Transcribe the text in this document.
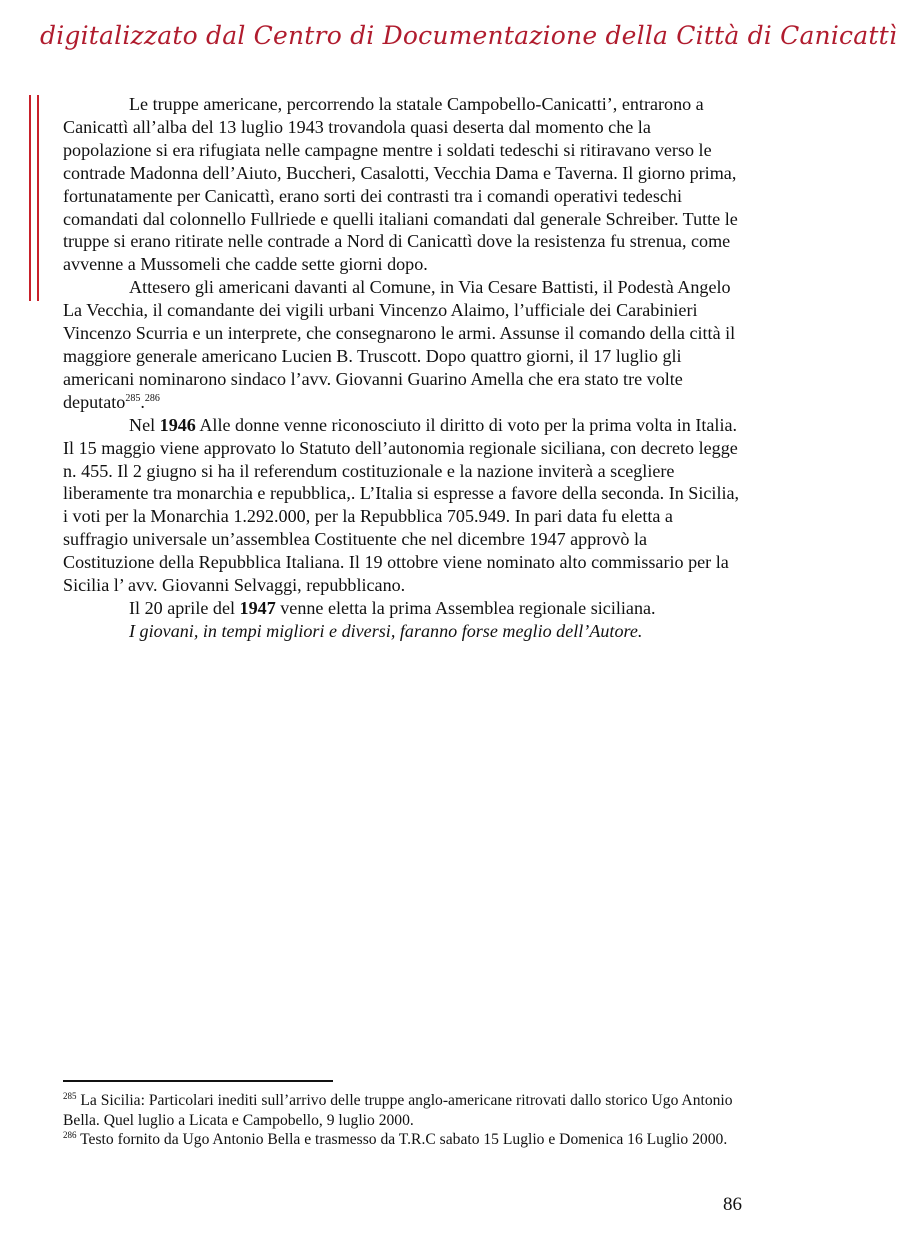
digitalizzato dal Centro di Documentazione della Città di Canicattì

Le truppe americane, percorrendo la statale Campobello-Canicatti’, entrarono a Canicattì all’alba del 13 luglio 1943 trovandola quasi deserta dal momento che la popolazione si era rifugiata nelle campagne mentre i soldati tedeschi si ritiravano verso le contrade Madonna dell’Aiuto, Buccheri, Casalotti, Vecchia Dama e Taverna. Il giorno prima, fortunatamente per Canicattì, erano sorti dei contrasti tra i comandi operativi tedeschi comandati dal colonnello Fullriede e quelli italiani comandati dal generale Schreiber. Tutte le truppe si erano ritirate nelle contrade a Nord di Canicattì dove la resistenza fu strenua, come avvenne a Mussomeli che cadde sette giorni dopo.

Attesero gli americani davanti al Comune, in Via Cesare Battisti, il Podestà Angelo La Vecchia, il comandante dei vigili urbani Vincenzo Alaimo, l’ufficiale dei Carabinieri Vincenzo Scurria e un interprete, che consegnarono le armi. Assunse il comando della città il maggiore generale americano Lucien B. Truscott. Dopo quattro giorni, il 17 luglio gli americani nominarono sindaco l’avv. Giovanni Guarino Amella che era stato tre volte deputato$^{285}$.$^{286}$

Nel 1946 Alle donne venne riconosciuto il diritto di voto per la prima volta in Italia. Il 15 maggio viene approvato lo Statuto dell’autonomia regionale siciliana, con decreto legge n. 455. Il 2 giugno si ha il referendum costituzionale e la nazione inviterà a scegliere liberamente tra monarchia e repubblica,. L’Italia si espresse a favore della seconda. In Sicilia, i voti per la Monarchia 1.292.000, per la Repubblica 705.949. In pari data fu eletta a suffragio universale un’assemblea Costituente che nel dicembre 1947 approvò la Costituzione della Repubblica Italiana. Il 19 ottobre viene nominato alto commissario per la Sicilia l’ avv. Giovanni Selvaggi, repubblicano.

Il 20 aprile del 1947 venne eletta la prima Assemblea regionale siciliana.

I giovani, in tempi migliori e diversi, faranno forse meglio dell’Autore.

$^{285}$ La Sicilia: Particolari inediti sull’arrivo delle truppe anglo-americane ritrovati dallo storico Ugo Antonio Bella. Quel luglio a Licata e Campobello, 9 luglio 2000.

$^{286}$ Testo fornito da Ugo Antonio Bella e trasmesso da T.R.C sabato 15 Luglio e Domenica 16 Luglio 2000.

86
